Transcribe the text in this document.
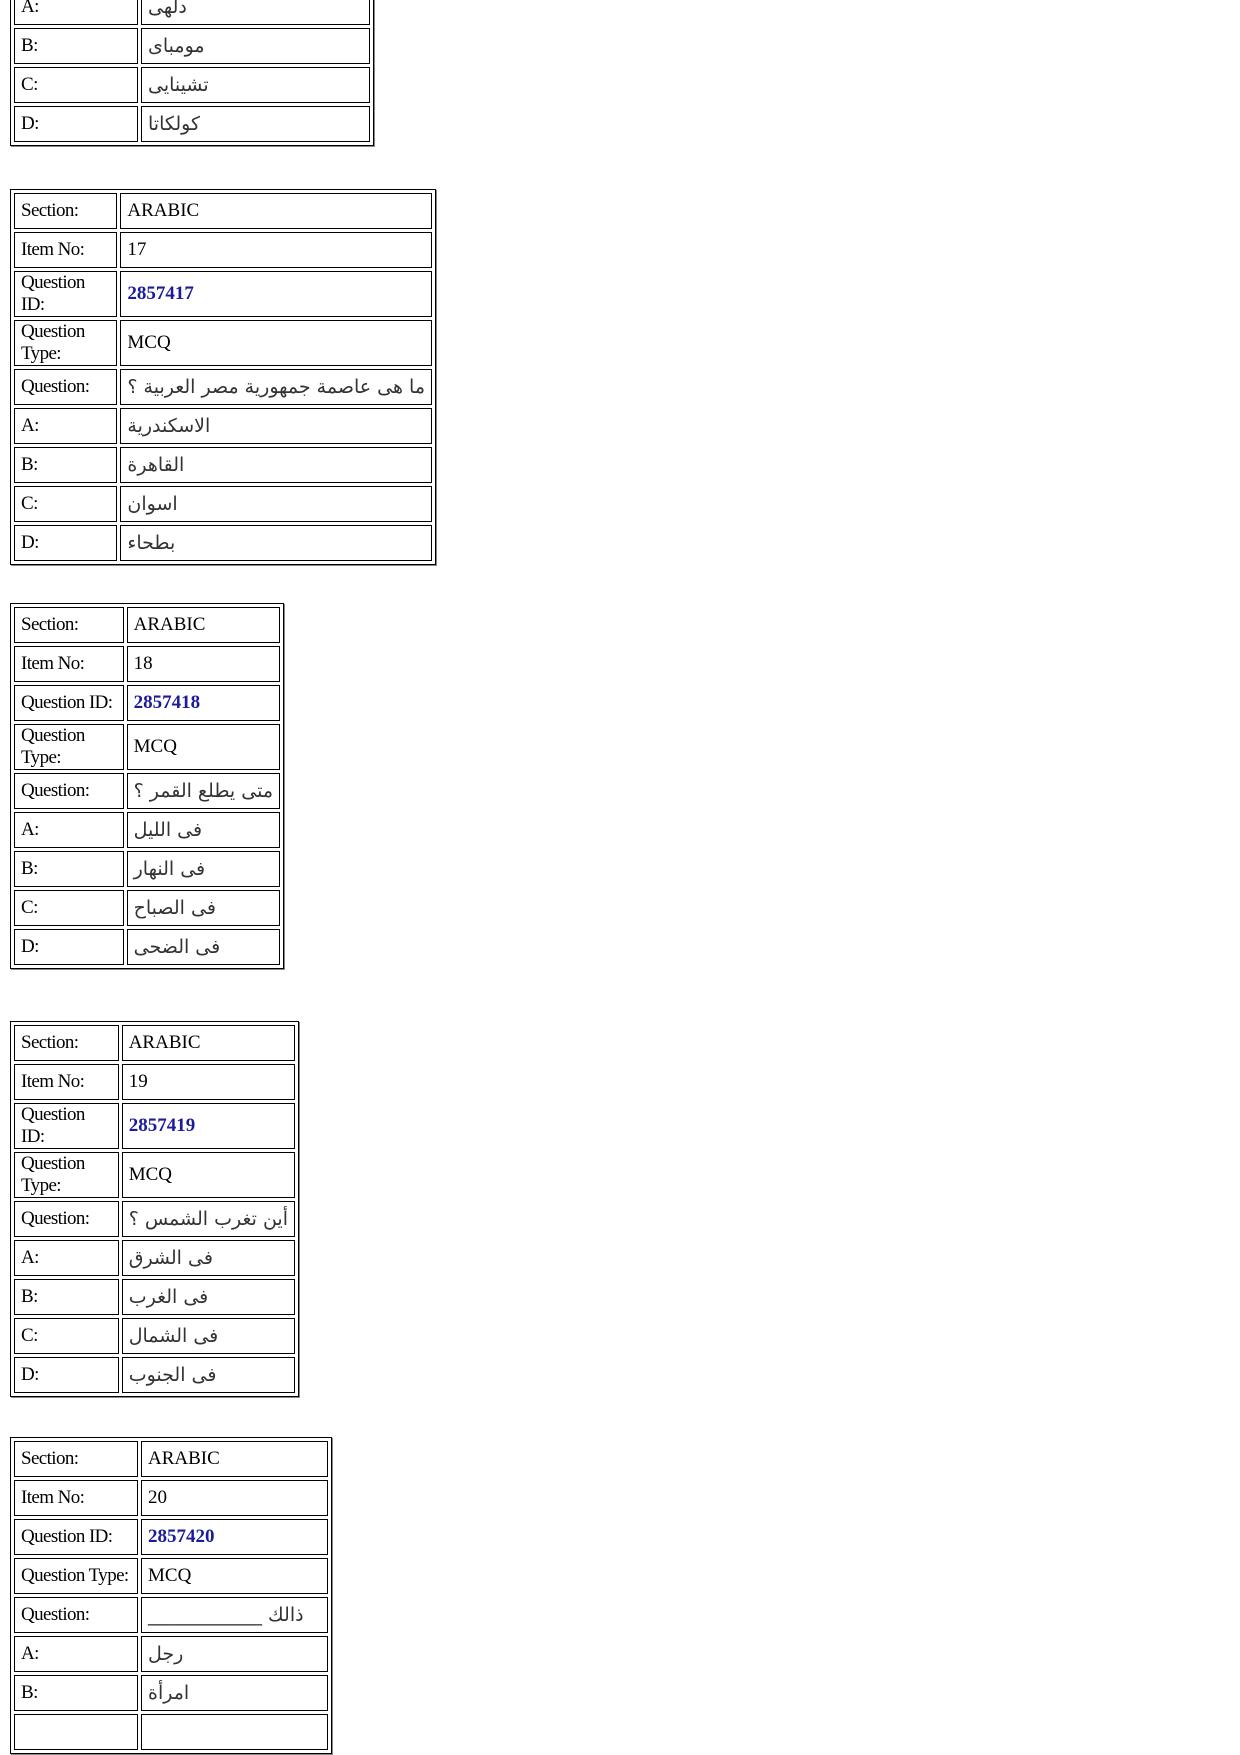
A:	دلهى
B:	مومباى
C:	تشينايى
D:	كولكاتا
Section:	ARABIC
Item No:	17
Question ID:	2857417
Question Type:	MCQ
Question:	ما هى عاصمة جمهورية مصر العربية ؟
A:	الاسكندرية
B:	القاهرة
C:	اسوان
D:	بطحاء
Section:	ARABIC
Item No:	18
Question ID:	2857418
Question Type:	MCQ
Question:	متى يطلع القمر ؟
A:	فى الليل
B:	فى النهار
C:	فى الصباح
D:	فى الضحى
Section:	ARABIC
Item No:	19
Question ID:	2857419
Question Type:	MCQ
Question:	أين تغرب الشمس ؟
A:	فى الشرق
B:	فى الغرب
C:	فى الشمال
D:	فى الجنوب
Section:	ARABIC
Item No:	20
Question ID:	2857420
Question Type:	MCQ
Question:	ذالك ____________
A:	رجل
B:	امرأة
